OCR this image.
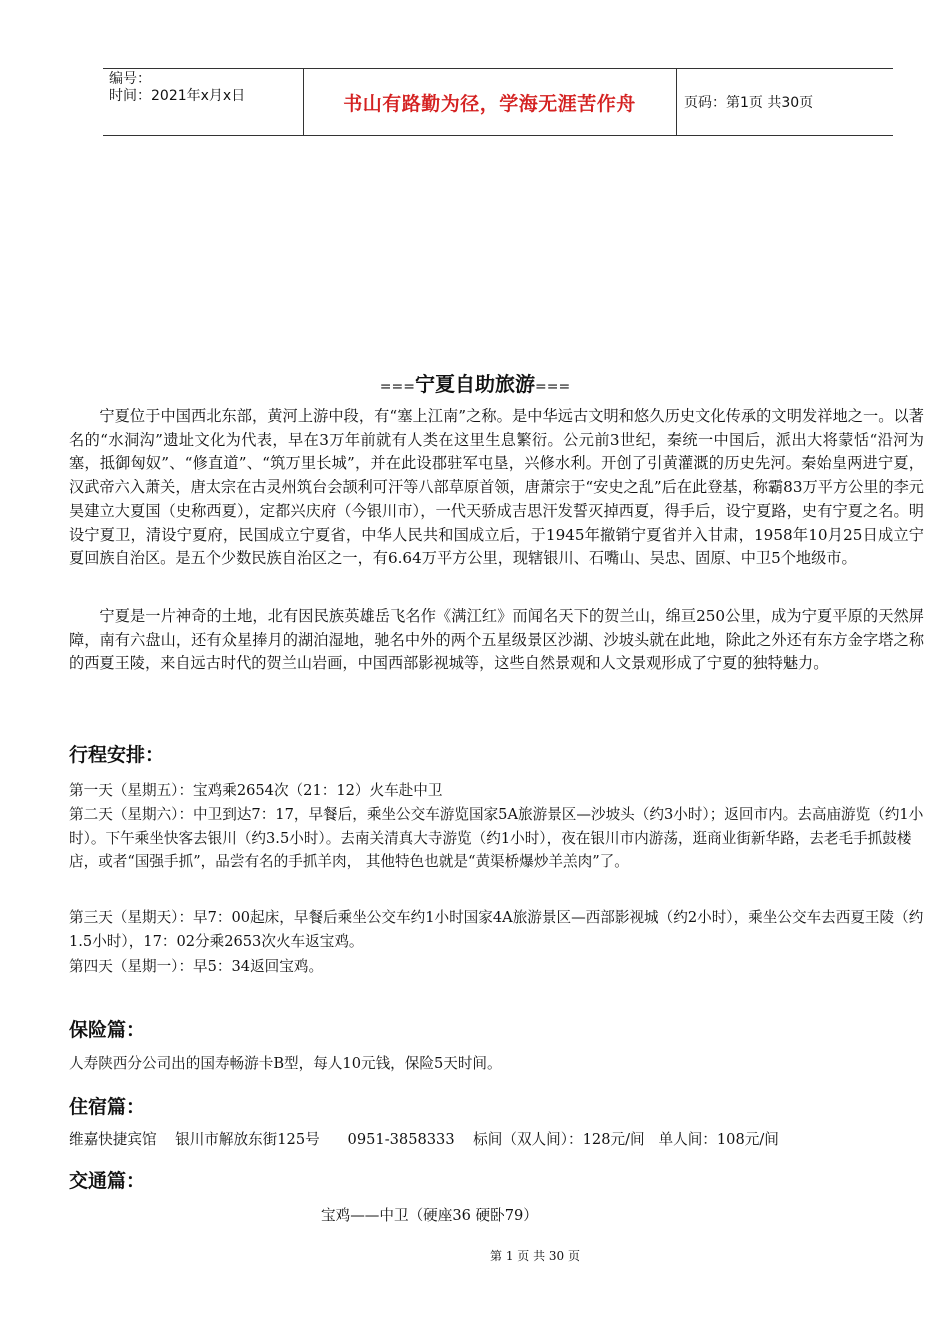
编号：
时间：2021年x月x日	书山有路勤为径，学海无涯苦作舟	页码：第1页 共30页
===宁夏自助旅游===

宁夏位于中国西北东部，黄河上游中段，有“塞上江南”之称。是中华远古文明和悠久历史文化传承的文明发祥地之一。以著名的“水洞沟”遗址文化为代表，早在3万年前就有人类在这里生息繁衍。公元前3世纪，秦统一中国后，派出大将蒙恬“沿河为塞，抵御匈奴”、“修直道”、“筑万里长城”，并在此设郡驻军屯垦，兴修水利。开创了引黄灌溉的历史先河。秦始皇两进宁夏，汉武帝六入萧关，唐太宗在古灵州筑台会颉利可汗等八部草原首领，唐萧宗于“安史之乱”后在此登基，称霸83万平方公里的李元昊建立大夏国（史称西夏），定都兴庆府（今银川市），一代天骄成吉思汗发誓灭掉西夏，得手后，设宁夏路，史有宁夏之名。明设宁夏卫，清设宁夏府，民国成立宁夏省，中华人民共和国成立后，于1945年撤销宁夏省并入甘肃，1958年10月25日成立宁夏回族自治区。是五个少数民族自治区之一，有6.64万平方公里，现辖银川、石嘴山、吴忠、固原、中卫5个地级市。

宁夏是一片神奇的土地，北有因民族英雄岳飞名作《满江红》而闻名天下的贺兰山，绵亘250公里，成为宁夏平原的天然屏障，南有六盘山，还有众星捧月的湖泊湿地，驰名中外的两个五星级景区沙湖、沙坡头就在此地，除此之外还有东方金字塔之称的西夏王陵，来自远古时代的贺兰山岩画，中国西部影视城等，这些自然景观和人文景观形成了宁夏的独特魅力。

行程安排：

第一天（星期五）：宝鸡乘2654次（21：12）火车赴中卫

第二天（星期六）：中卫到达7：17，早餐后，乘坐公交车游览国家5A旅游景区—沙坡头（约3小时）；返回市内。去高庙游览（约1小时）。下午乘坐快客去银川（约3.5小时）。去南关清真大寺游览（约1小时），夜在银川市内游荡，逛商业街新华路，去老毛手抓鼓楼店，或者“国强手抓”，品尝有名的手抓羊肉， 其他特色也就是“黄渠桥爆炒羊羔肉”了。

第三天（星期天）：早7：00起床，早餐后乘坐公交车约1小时国家4A旅游景区—西部影视城（约2小时），乘坐公交车去西夏王陵（约1.5小时），17：02分乘2653次火车返宝鸡。

第四天（星期一）：早5：34返回宝鸡。

保险篇：

人寿陕西分公司出的国寿畅游卡B型，每人10元钱，保险5天时间。

住宿篇：
维嘉快捷宾馆    银川市解放东街125号      0951-3858333    标间（双人间）：128元/间   单人间：108元/间
交通篇：
宝鸡——中卫（硬座36 硬卧79）
第 1 页 共 30 页
